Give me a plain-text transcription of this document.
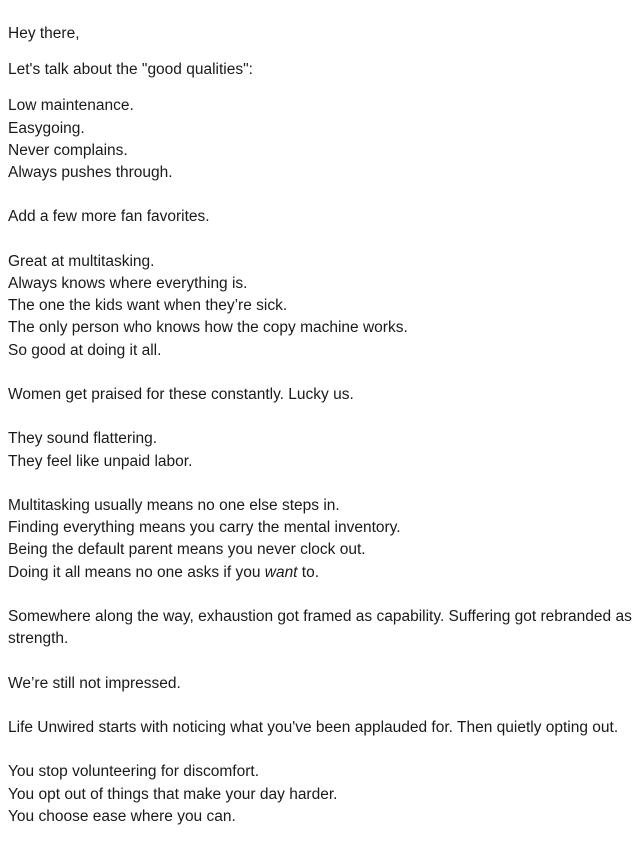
Hey there,

Let's talk about the "good qualities":

Low maintenance.
Easygoing.
Never complains.
Always pushes through.

Add a few more fan favorites.

Great at multitasking.
Always knows where everything is.
The one the kids want when they’re sick.
The only person who knows how the copy machine works.
So good at doing it all.

Women get praised for these constantly. Lucky us.

They sound flattering.
They feel like unpaid labor.

Multitasking usually means no one else steps in.
Finding everything means you carry the mental inventory.
Being the default parent means you never clock out.
Doing it all means no one asks if you want to.

Somewhere along the way, exhaustion got framed as capability. Suffering got rebranded as strength.

We’re still not impressed.

Life Unwired starts with noticing what you've been applauded for. Then quietly opting out.

You stop volunteering for discomfort.
You opt out of things that make your day harder.
You choose ease where you can.
